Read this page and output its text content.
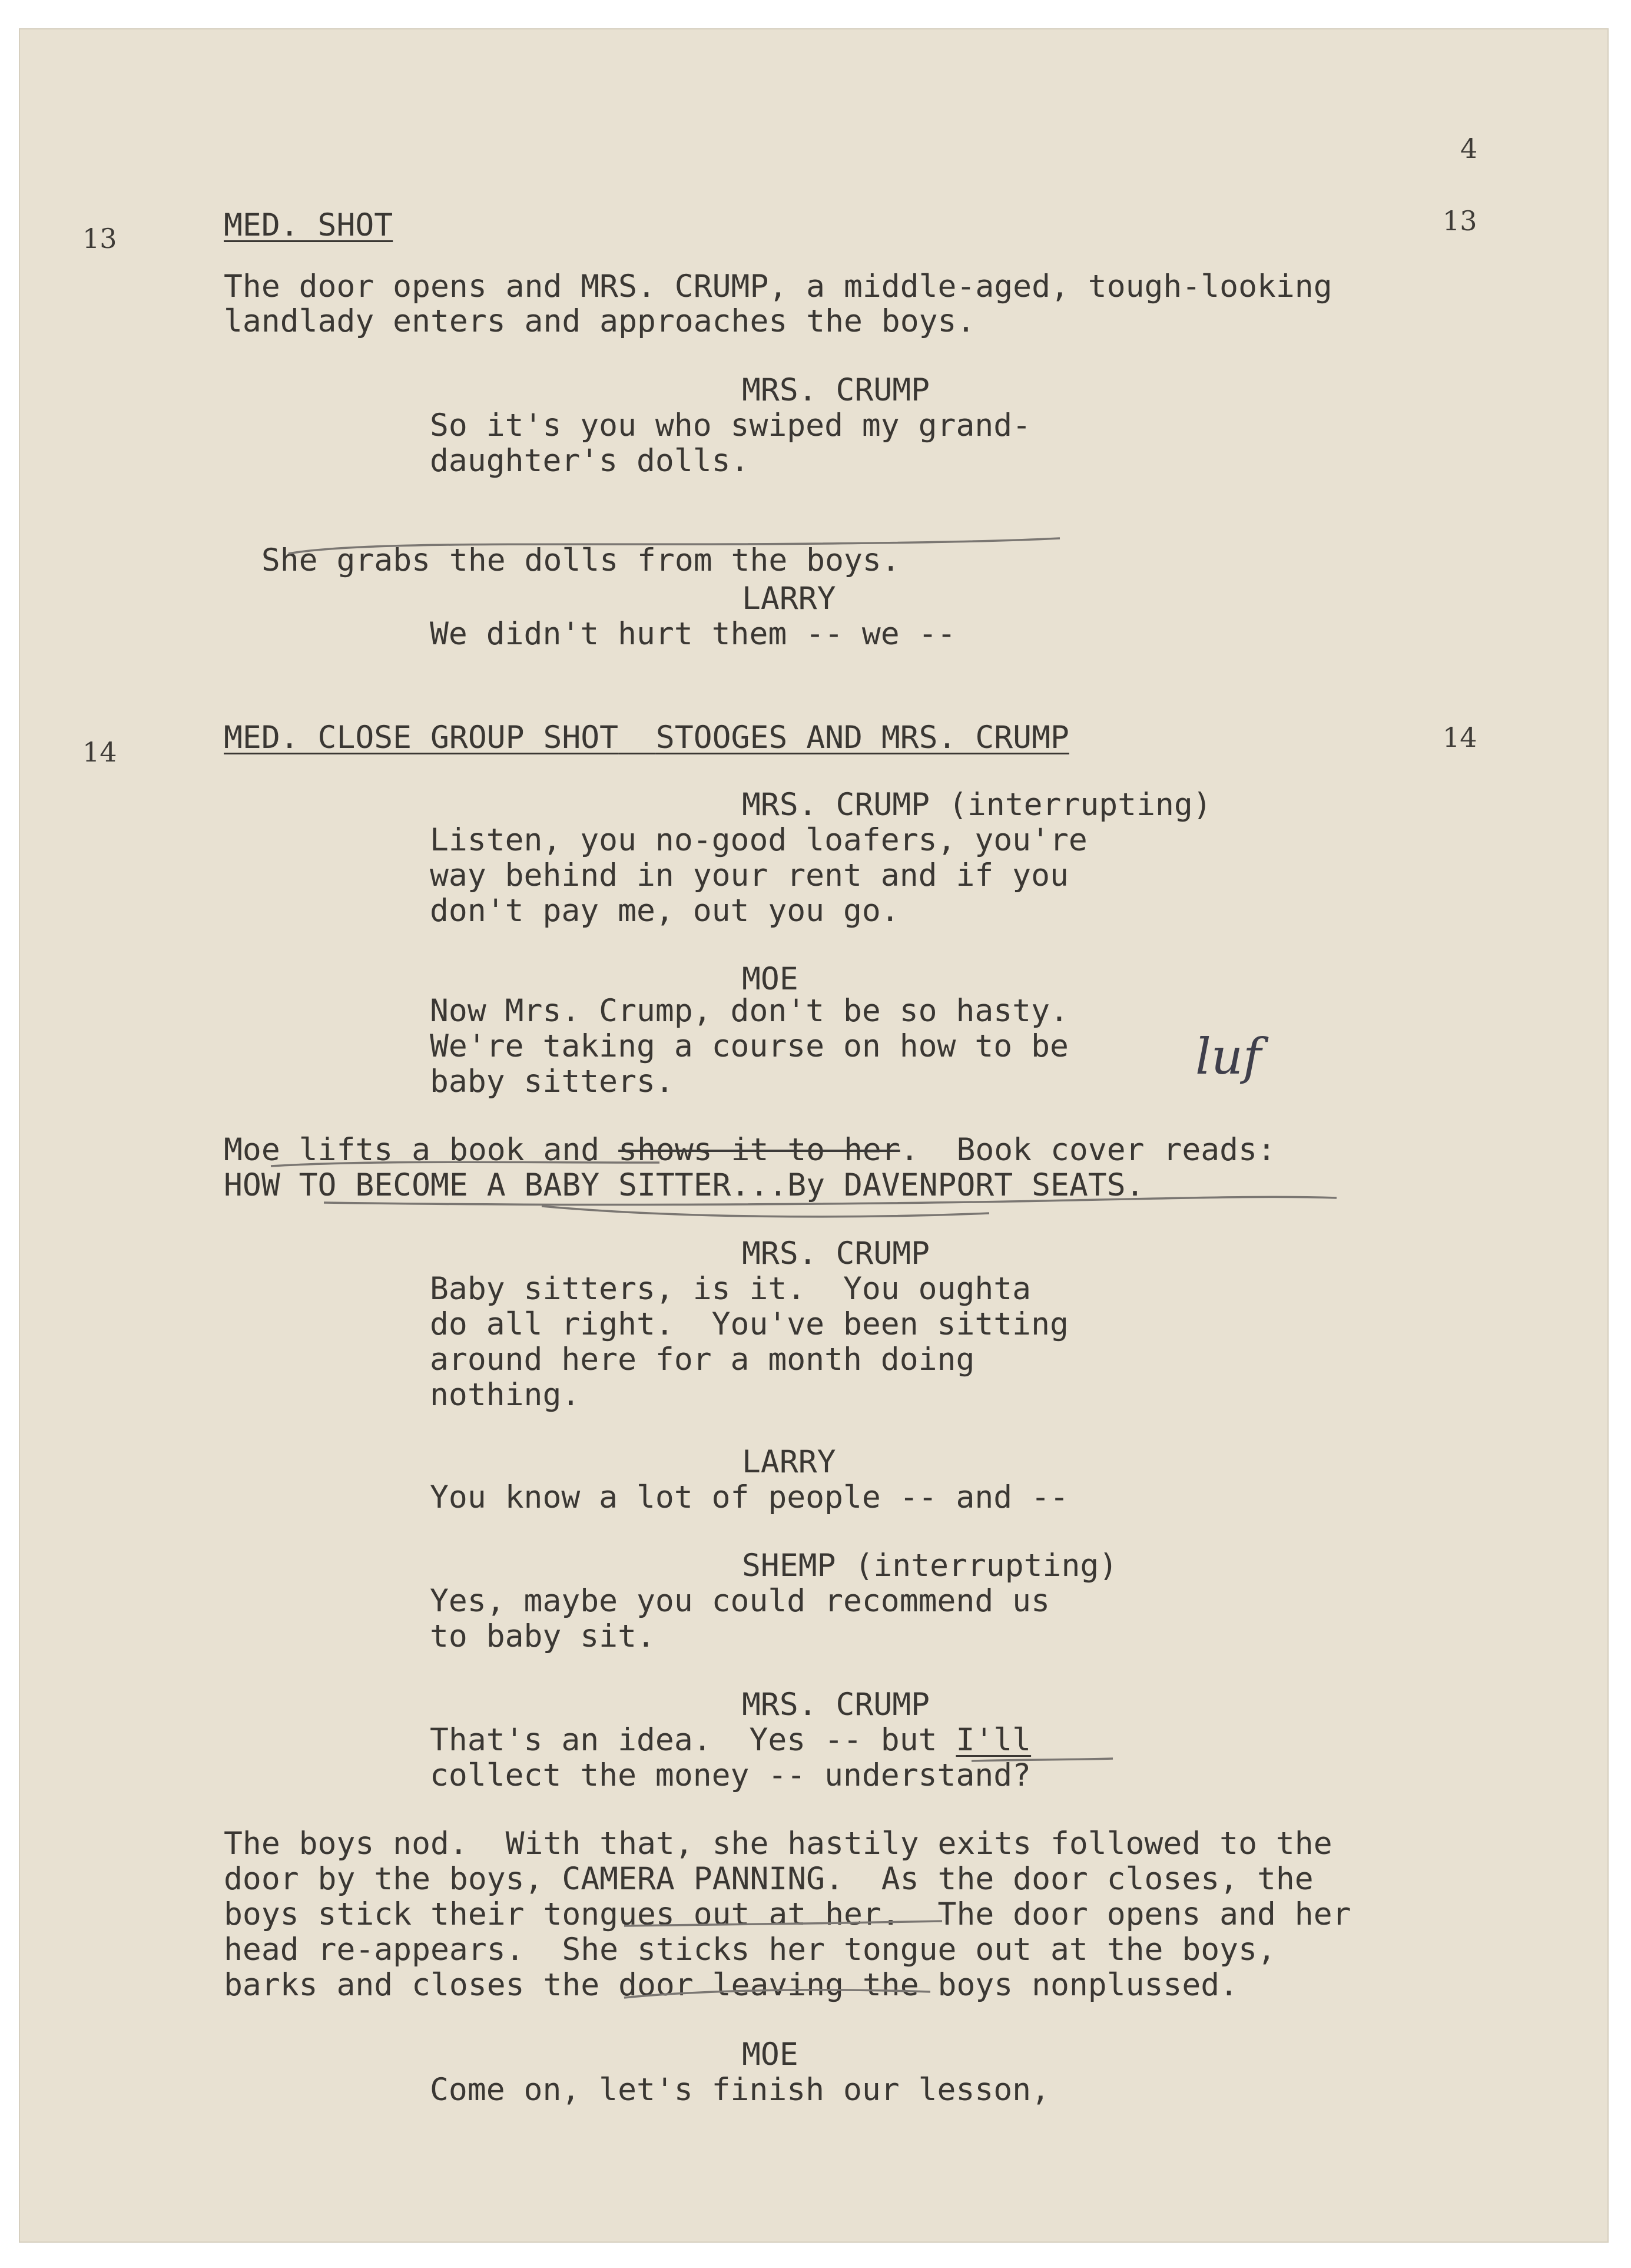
4
13	MED. SHOT	13
The door opens and MRS. CRUMP, a middle-aged, tough-looking
landlady enters and approaches the boys.
MRS. CRUMP
So it's you who swiped my grand-
daughter's dolls.

She grabs the dolls from the boys.

LARRY
We didn't hurt them -- we --
14	MED. CLOSE GROUP SHOT STOOGES AND MRS. CRUMP	14
MRS. CRUMP (interrupting)
Listen, you no-good loafers, you're
way behind in your rent and if you
don't pay me, out you go.
MOE
Now Mrs. Crump, don't be so hasty.
We're taking a course on how to be
baby sitters.	luf
Moe lifts a book and shows it to her.  Book cover reads:
HOW TO BECOME A BABY SITTER...By DAVENPORT SEATS.
MRS. CRUMP
Baby sitters, is it.  You oughta
do all right.  You've been sitting
around here for a month doing
nothing.
LARRY
You know a lot of people -- and --
SHEMP (interrupting)
Yes, maybe you could recommend us
to baby sit.
MRS. CRUMP
That's an idea.  Yes -- but I'll
collect the money -- understand?
The boys nod.  With that, she hastily exits followed to the
door by the boys, CAMERA PANNING.  As the door closes, the
boys stick their tongues out at her.  The door opens and her
head re-appears.  She sticks her tongue out at the boys,
barks and closes the door leaving the boys nonplussed.
MOE
Come on, let's finish our lesson,
